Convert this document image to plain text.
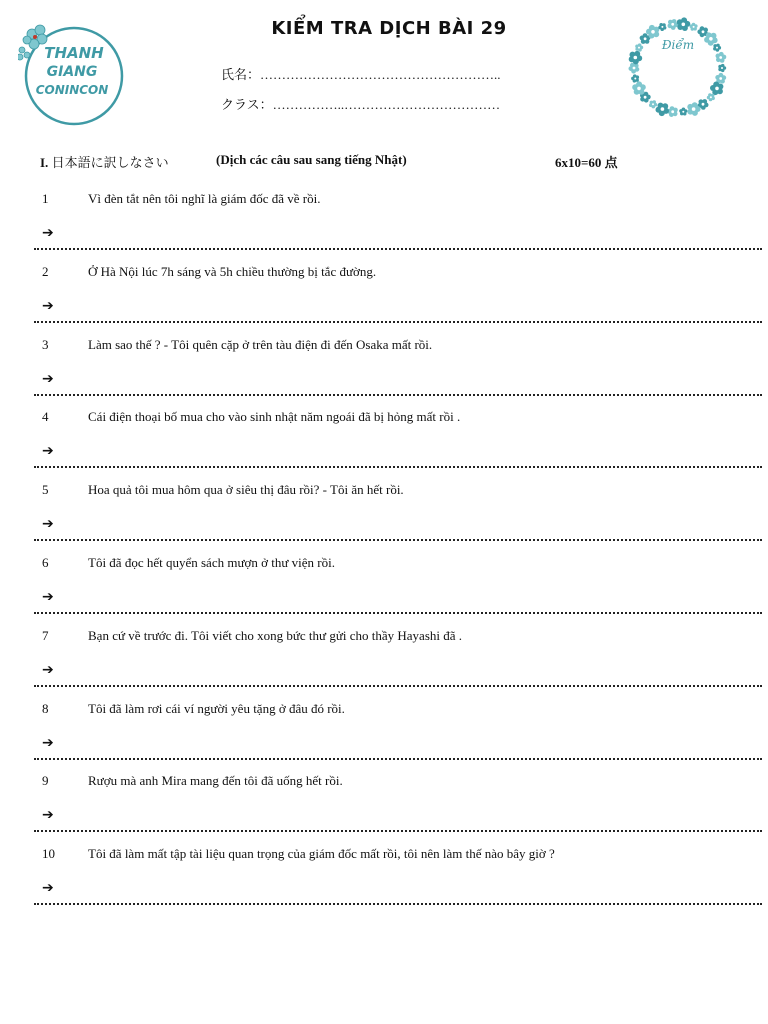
THANH
GIANG
CONINCON
KIỂM TRA DỊCH BÀI 29
氏名：………………………………………………..
クラス：……………..………………………………
Điểm
I. 日本語に訳しなさい	(Dịch các câu sau sang tiếng Nhật)	6x10=60 点
1	Vì đèn tắt nên tôi nghĩ là giám đốc đã về rồi.
➔
2	Ở Hà Nội lúc 7h sáng và 5h chiều thường bị tắc đường.
➔
3	Làm sao thế ? - Tôi quên cặp ở trên tàu điện đi đến Osaka mất rồi.
➔
4	Cái điện thoại bố mua cho vào sinh nhật năm ngoái đã bị hỏng mất rồi .
➔
5	Hoa quả tôi mua hôm qua ở siêu thị đâu rồi? - Tôi ăn hết rồi.
➔
6	Tôi đã đọc hết quyển sách mượn ở thư viện rồi.
➔
7	Bạn cứ về trước đi. Tôi viết cho xong bức thư gửi cho thầy Hayashi đã .
➔
8	Tôi đã làm rơi cái ví người yêu tặng ở đâu đó rồi.
➔
9	Rượu mà anh Mira mang đến tôi đã uống hết rồi.
➔
10	Tôi đã làm mất tập tài liệu quan trọng của giám đốc mất rồi, tôi nên làm thế nào bây giờ ?
➔
